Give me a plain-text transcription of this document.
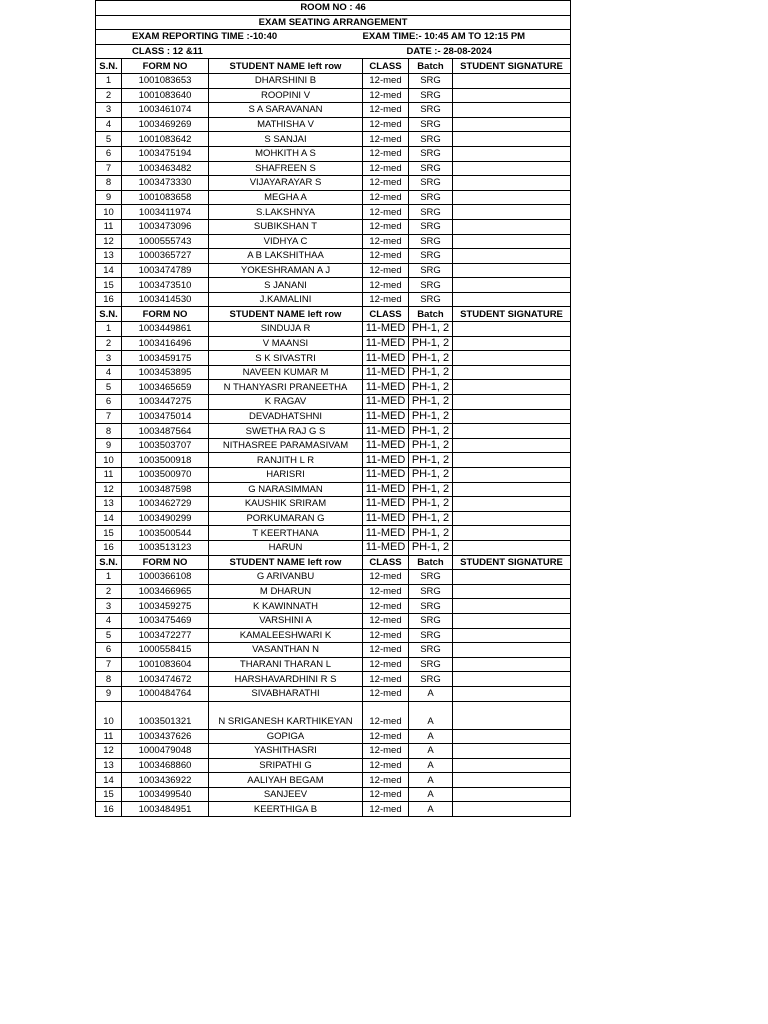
ROOM NO : 46					
EXAM SEATING ARRANGEMENT					
EXAM REPORTING TIME :-10:40			EXAM TIME:- 10:45 AM TO 12:15 PM		
CLASS : 12 &11			DATE :- 28-08-2024		
S.N.	FORM NO	STUDENT NAME left row	CLASS	Batch	STUDENT SIGNATURE
1	1001083653	DHARSHINI B	12-med	SRG	
2	1001083640	ROOPINI V	12-med	SRG	
3	1003461074	S A SARAVANAN	12-med	SRG	
4	1003469269	MATHISHA V	12-med	SRG	
5	1001083642	S SANJAI	12-med	SRG	
6	1003475194	MOHKITH A S	12-med	SRG	
7	1003463482	SHAFREEN S	12-med	SRG	
8	1003473330	VIJAYARAYAR S	12-med	SRG	
9	1001083658	MEGHA A	12-med	SRG	
10	1003411974	S.LAKSHNYA	12-med	SRG	
11	1003473096	SUBIKSHAN T	12-med	SRG	
12	1000555743	VIDHYA C	12-med	SRG	
13	1000365727	A B LAKSHITHAA	12-med	SRG	
14	1003474789	YOKESHRAMAN A J	12-med	SRG	
15	1003473510	S JANANI	12-med	SRG	
16	1003414530	J.KAMALINI	12-med	SRG	
S.N.	FORM NO	STUDENT NAME left row	CLASS	Batch	STUDENT SIGNATURE
1	1003449861	SINDUJA R	11-MED	PH-1, 2	
2	1003416496	V MAANSI	11-MED	PH-1, 2	
3	1003459175	S K SIVASTRI	11-MED	PH-1, 2	
4	1003453895	NAVEEN KUMAR M	11-MED	PH-1, 2	
5	1003465659	N THANYASRI PRANEETHA	11-MED	PH-1, 2	
6	1003447275	K RAGAV	11-MED	PH-1, 2	
7	1003475014	DEVADHATSHNI	11-MED	PH-1, 2	
8	1003487564	SWETHA RAJ G S	11-MED	PH-1, 2	
9	1003503707	NITHASREE PARAMASIVAM	11-MED	PH-1, 2	
10	1003500918	RANJITH L R	11-MED	PH-1, 2	
11	1003500970	HARISRI	11-MED	PH-1, 2	
12	1003487598	G NARASIMMAN	11-MED	PH-1, 2	
13	1003462729	KAUSHIK SRIRAM	11-MED	PH-1, 2	
14	1003490299	PORKUMARAN G	11-MED	PH-1, 2	
15	1003500544	T KEERTHANA	11-MED	PH-1, 2	
16	1003513123	HARUN	11-MED	PH-1, 2	
S.N.	FORM NO	STUDENT NAME left row	CLASS	Batch	STUDENT SIGNATURE
1	1000366108	G ARIVANBU	12-med	SRG	
2	1003466965	M DHARUN	12-med	SRG	
3	1003459275	K KAWINNATH	12-med	SRG	
4	1003475469	VARSHINI A	12-med	SRG	
5	1003472277	KAMALEESHWARI K	12-med	SRG	
6	1000558415	VASANTHAN N	12-med	SRG	
7	1001083604	THARANI THARAN L	12-med	SRG	
8	1003474672	HARSHAVARDHINI R S	12-med	SRG	
9	1000484764	SIVABHARATHI	12-med	A	
10	1003501321	N SRIGANESH KARTHIKEYAN	12-med	A	
11	1003437626	GOPIGA	12-med	A	
12	1000479048	YASHITHASRI	12-med	A	
13	1003468860	SRIPATHI G	12-med	A	
14	1003436922	AALIYAH BEGAM	12-med	A	
15	1003499540	SANJEEV	12-med	A	
16	1003484951	KEERTHIGA B	12-med	A	
